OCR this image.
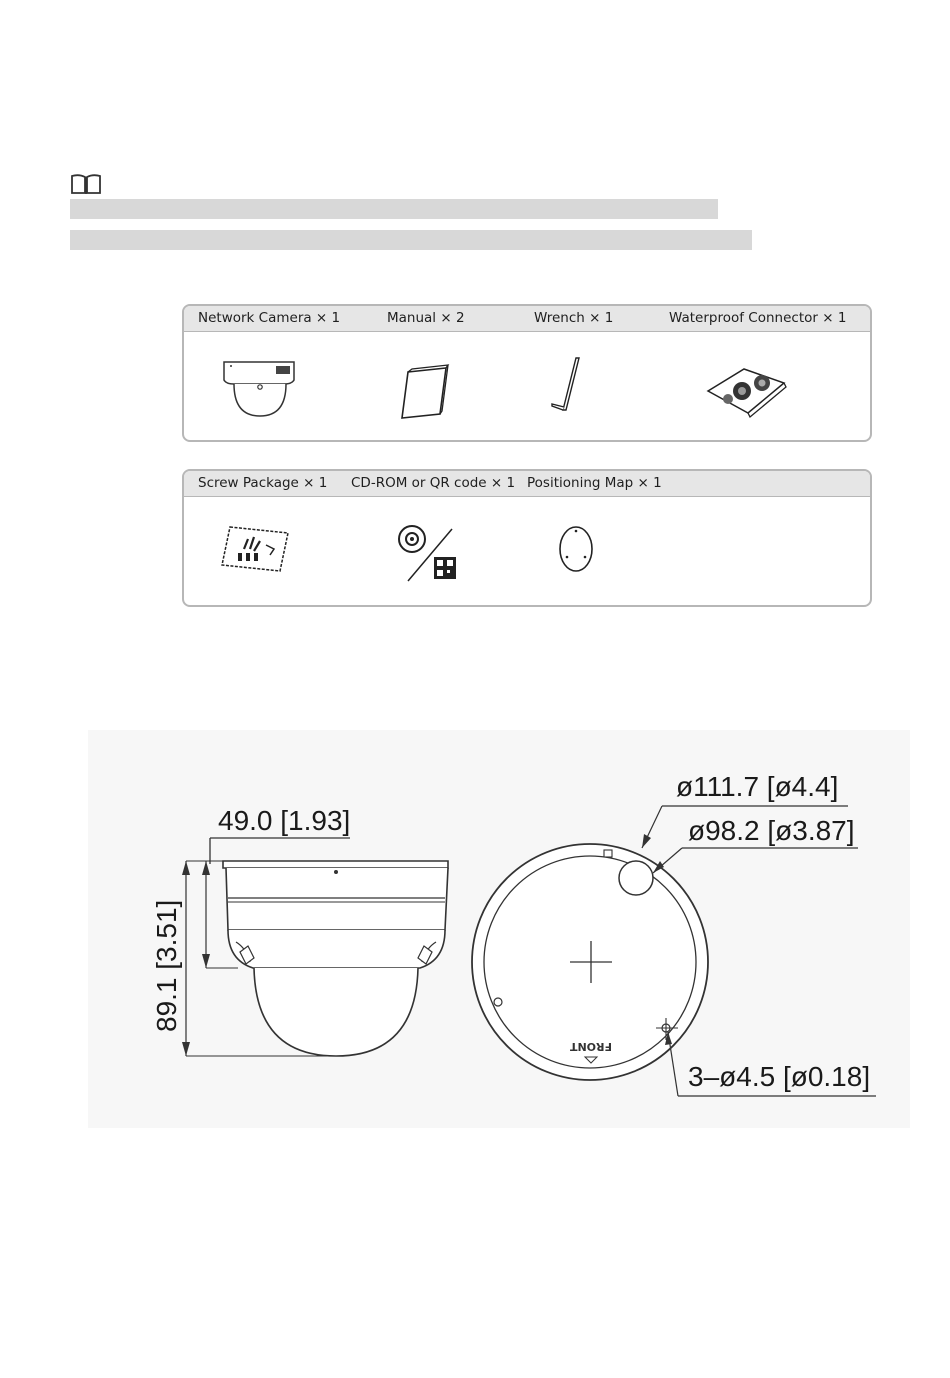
Network Camera × 1	Manual × 2	Wrench × 1	Waterproof Connector × 1
Screw Package × 1 CD-ROM or QR code × 1 Positioning Map × 1
49.0 [1.93]
89.1 [3.51]
FRONT
ø111.7 [ø4.4]
ø98.2 [ø3.87]
3–ø4.5 [ø0.18]
